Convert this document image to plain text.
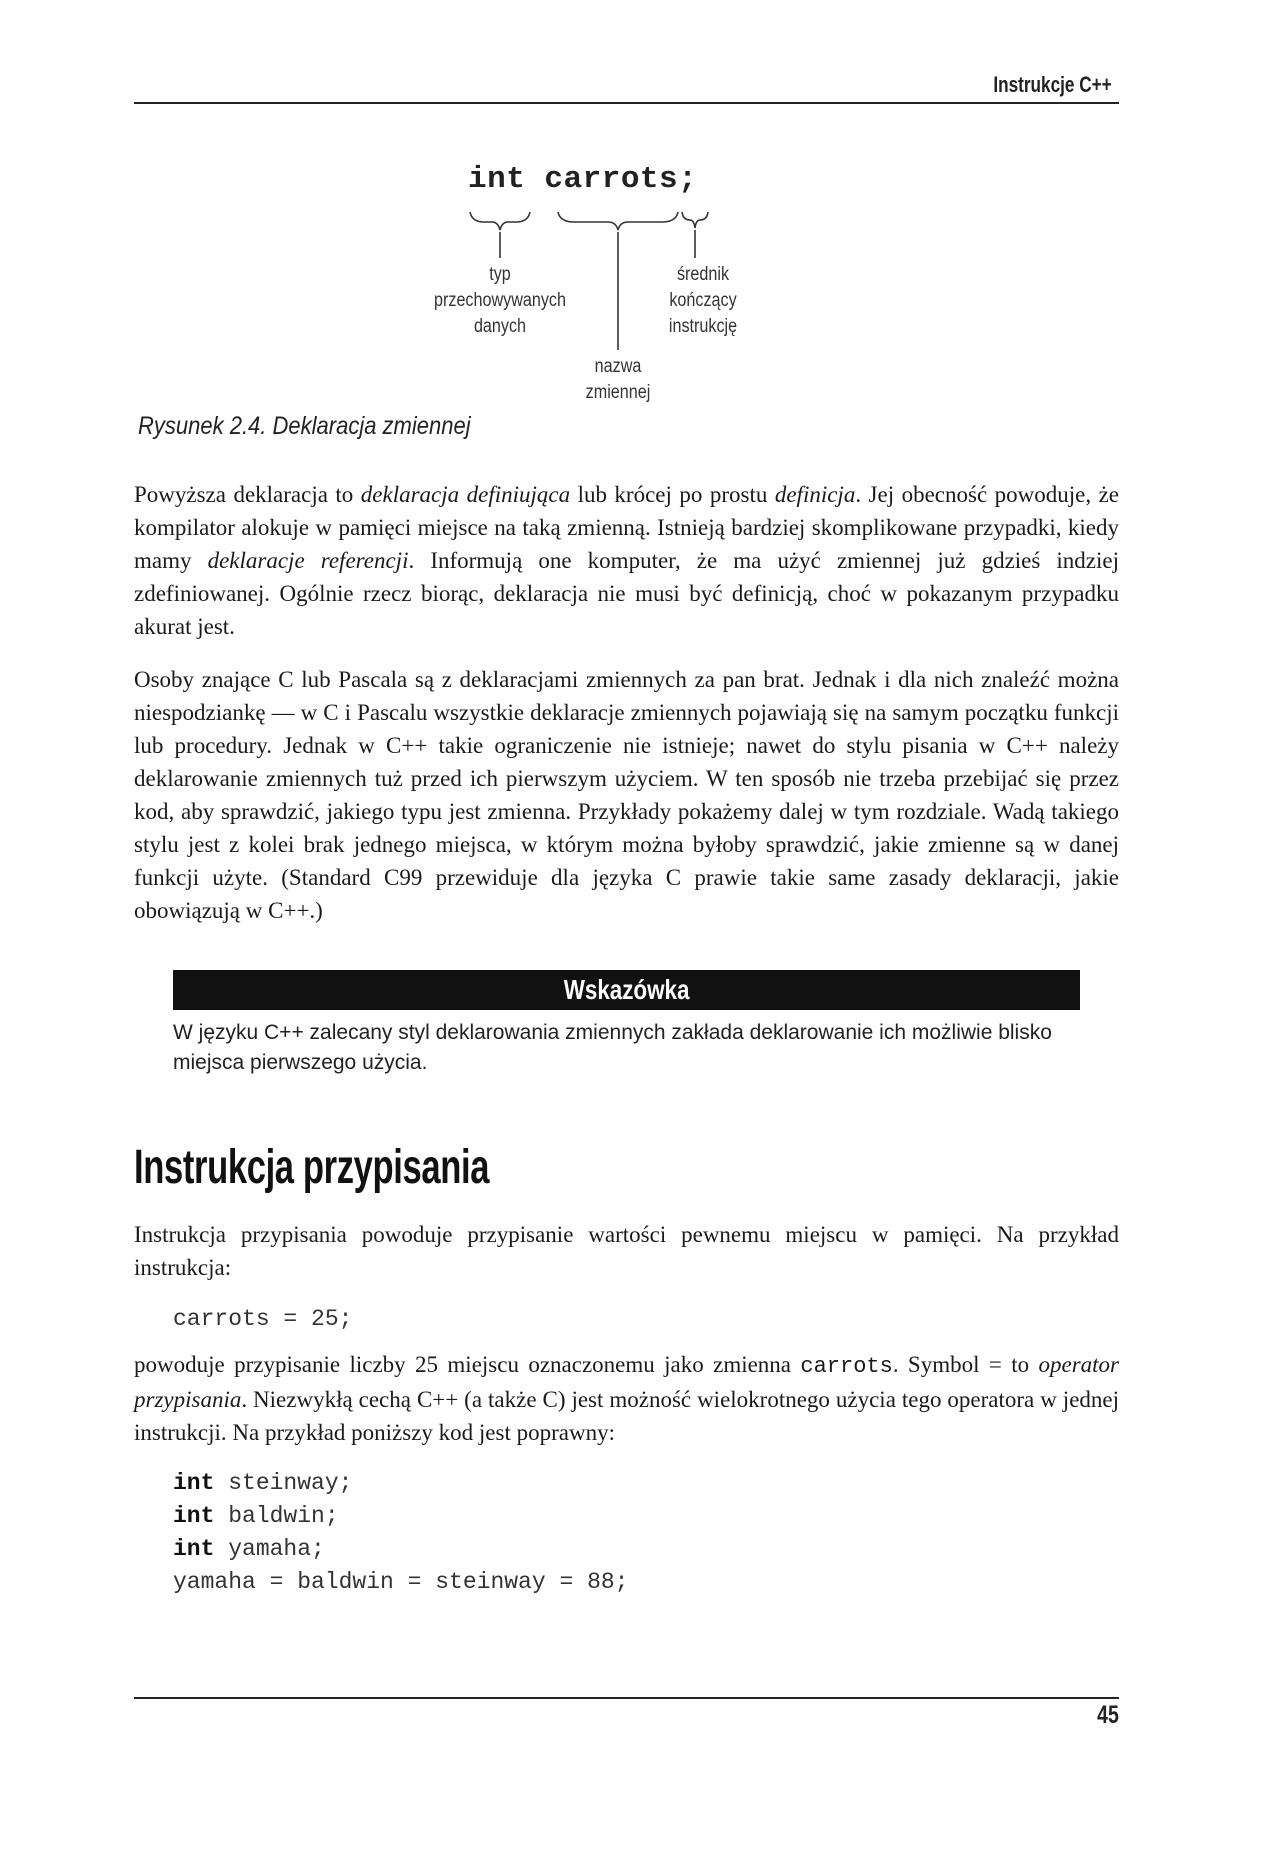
Instrukcje C++
int carrots;
typ
przechowywanych
danych
średnik
kończący
instrukcję
nazwa
zmiennej
Rysunek 2.4. Deklaracja zmiennej

Powyższa deklaracja to deklaracja definiująca lub krócej po prostu definicja. Jej obecność powoduje, że kompilator alokuje w pamięci miejsce na taką zmienną. Istnieją bardziej skomplikowane przypadki, kiedy mamy deklaracje referencji. Informują one komputer, że ma użyć zmiennej już gdzieś indziej zdefiniowanej. Ogólnie rzecz biorąc, deklaracja nie musi być definicją, choć w pokazanym przypadku akurat jest.

Osoby znające C lub Pascala są z deklaracjami zmiennych za pan brat. Jednak i dla nich znaleźć można niespodziankę — w C i Pascalu wszystkie deklaracje zmiennych pojawiają się na samym początku funkcji lub procedury. Jednak w C++ takie ograniczenie nie istnieje; nawet do stylu pisania w C++ należy deklarowanie zmiennych tuż przed ich pierwszym użyciem. W ten sposób nie trzeba przebijać się przez kod, aby sprawdzić, jakiego typu jest zmienna. Przykłady pokażemy dalej w tym rozdziale. Wadą takiego stylu jest z kolei brak jednego miejsca, w którym można byłoby sprawdzić, jakie zmienne są w danej funkcji użyte. (Standard C99 przewiduje dla języka C prawie takie same zasady deklaracji, jakie obowiązują w C++.)

Wskazówka
W języku C++ zalecany styl deklarowania zmiennych zakłada deklarowanie ich możliwie blisko miejsca pierwszego użycia.
Instrukcja przypisania

Instrukcja przypisania powoduje przypisanie wartości pewnemu miejscu w pamięci. Na przykład instrukcja:

carrots = 25;

powoduje przypisanie liczby 25 miejscu oznaczonemu jako zmienna carrots. Symbol = to operator przypisania. Niezwykłą cechą C++ (a także C) jest możność wielokrotnego użycia tego operatora w jednej instrukcji. Na przykład poniższy kod jest poprawny:

int steinway;
int baldwin;
int yamaha;
yamaha = baldwin = steinway = 88;
45
